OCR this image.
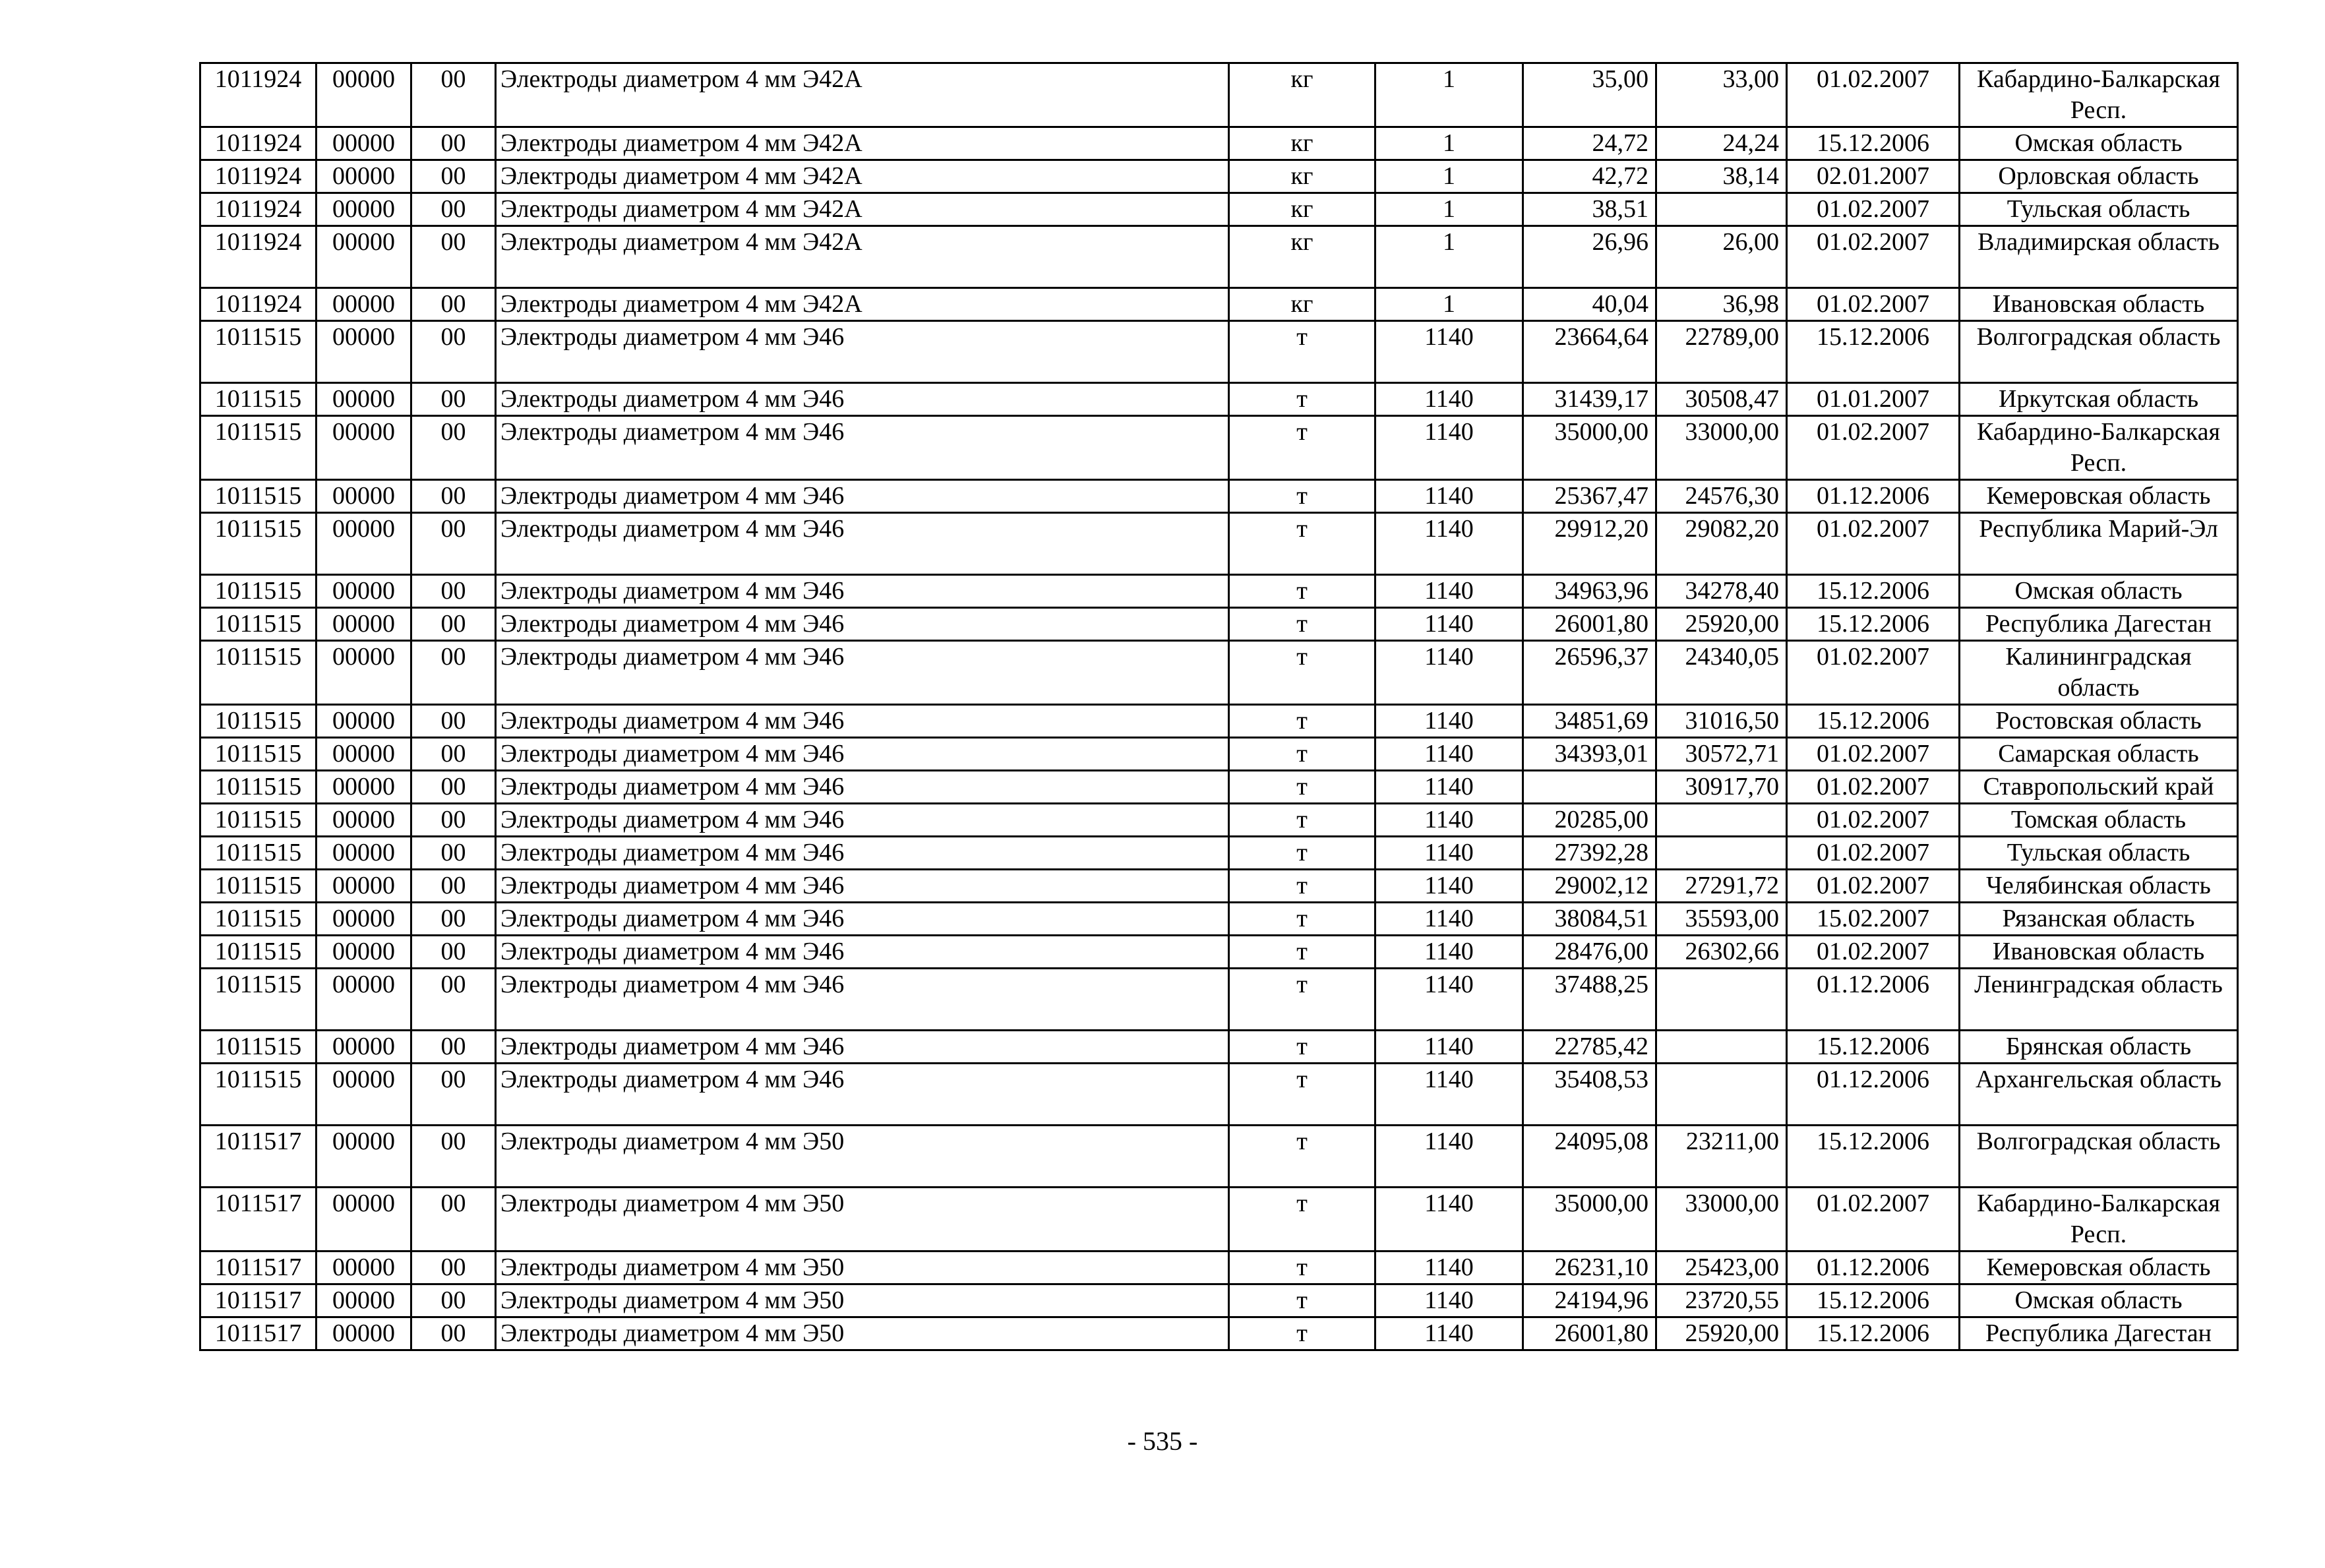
1011924	00000	00	Электроды диаметром 4 мм Э42А	кг	1	35,00	33,00	01.02.2007	Кабардино-Балкарская Респ.
1011924	00000	00	Электроды диаметром 4 мм Э42А	кг	1	24,72	24,24	15.12.2006	Омская область
1011924	00000	00	Электроды диаметром 4 мм Э42А	кг	1	42,72	38,14	02.01.2007	Орловская область
1011924	00000	00	Электроды диаметром 4 мм Э42А	кг	1	38,51		01.02.2007	Тульская область
1011924	00000	00	Электроды диаметром 4 мм Э42А	кг	1	26,96	26,00	01.02.2007	Владимирская область
1011924	00000	00	Электроды диаметром 4 мм Э42А	кг	1	40,04	36,98	01.02.2007	Ивановская область
1011515	00000	00	Электроды диаметром 4 мм Э46	т	1140	23664,64	22789,00	15.12.2006	Волгоградская область
1011515	00000	00	Электроды диаметром 4 мм Э46	т	1140	31439,17	30508,47	01.01.2007	Иркутская область
1011515	00000	00	Электроды диаметром 4 мм Э46	т	1140	35000,00	33000,00	01.02.2007	Кабардино-Балкарская Респ.
1011515	00000	00	Электроды диаметром 4 мм Э46	т	1140	25367,47	24576,30	01.12.2006	Кемеровская область
1011515	00000	00	Электроды диаметром 4 мм Э46	т	1140	29912,20	29082,20	01.02.2007	Республика Марий-Эл
1011515	00000	00	Электроды диаметром 4 мм Э46	т	1140	34963,96	34278,40	15.12.2006	Омская область
1011515	00000	00	Электроды диаметром 4 мм Э46	т	1140	26001,80	25920,00	15.12.2006	Республика Дагестан
1011515	00000	00	Электроды диаметром 4 мм Э46	т	1140	26596,37	24340,05	01.02.2007	Калининградская область
1011515	00000	00	Электроды диаметром 4 мм Э46	т	1140	34851,69	31016,50	15.12.2006	Ростовская область
1011515	00000	00	Электроды диаметром 4 мм Э46	т	1140	34393,01	30572,71	01.02.2007	Самарская область
1011515	00000	00	Электроды диаметром 4 мм Э46	т	1140		30917,70	01.02.2007	Ставропольский край
1011515	00000	00	Электроды диаметром 4 мм Э46	т	1140	20285,00		01.02.2007	Томская область
1011515	00000	00	Электроды диаметром 4 мм Э46	т	1140	27392,28		01.02.2007	Тульская область
1011515	00000	00	Электроды диаметром 4 мм Э46	т	1140	29002,12	27291,72	01.02.2007	Челябинская область
1011515	00000	00	Электроды диаметром 4 мм Э46	т	1140	38084,51	35593,00	15.02.2007	Рязанская область
1011515	00000	00	Электроды диаметром 4 мм Э46	т	1140	28476,00	26302,66	01.02.2007	Ивановская область
1011515	00000	00	Электроды диаметром 4 мм Э46	т	1140	37488,25		01.12.2006	Ленинградская область
1011515	00000	00	Электроды диаметром 4 мм Э46	т	1140	22785,42		15.12.2006	Брянская область
1011515	00000	00	Электроды диаметром 4 мм Э46	т	1140	35408,53		01.12.2006	Архангельская область
1011517	00000	00	Электроды диаметром 4 мм Э50	т	1140	24095,08	23211,00	15.12.2006	Волгоградская область
1011517	00000	00	Электроды диаметром 4 мм Э50	т	1140	35000,00	33000,00	01.02.2007	Кабардино-Балкарская Респ.
1011517	00000	00	Электроды диаметром 4 мм Э50	т	1140	26231,10	25423,00	01.12.2006	Кемеровская область
1011517	00000	00	Электроды диаметром 4 мм Э50	т	1140	24194,96	23720,55	15.12.2006	Омская область
1011517	00000	00	Электроды диаметром 4 мм Э50	т	1140	26001,80	25920,00	15.12.2006	Республика Дагестан
- 535 -
